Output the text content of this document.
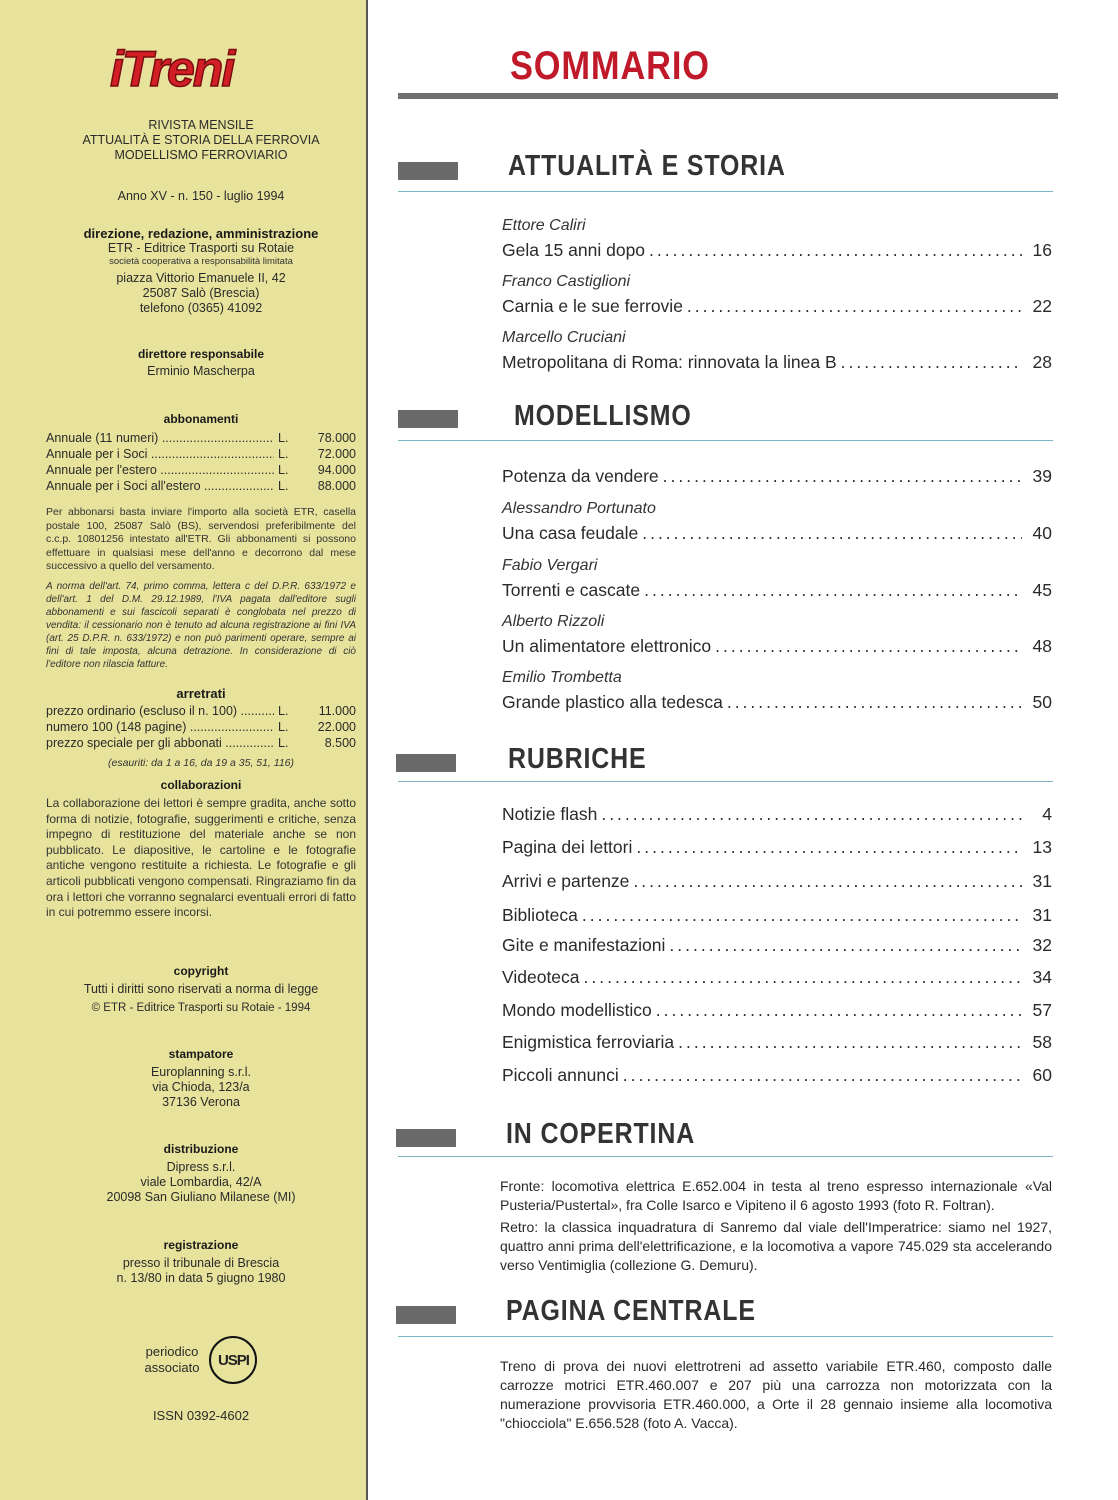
iTreni
RIVISTA MENSILE
ATTUALITÀ E STORIA DELLA FERROVIA
MODELLISMO FERROVIARIO
Anno XV - n. 150 - luglio 1994
direzione, redazione, amministrazione
ETR - Editrice Trasporti su Rotaie
società cooperativa a responsabilità limitata
piazza Vittorio Emanuele II, 42
25087 Salò (Brescia)
telefono (0365) 41092
direttore responsabile
Erminio Mascherpa
abbonamenti
Annuale (11 numeri) .....	L.	78.000
Annuale per i Soci .....	L.	72.000
Annuale per l'estero .....	L.	94.000
Annuale per i Soci all'estero .....	L.	88.000
Per abbonarsi basta inviare l'importo alla società ETR, casella postale 100, 25087 Salò (BS), servendosi preferibilmente del c.c.p. 10801256 intestato all'ETR. Gli abbonamenti si possono effettuare in qualsiasi mese dell'anno e decorrono dal mese successivo a quello del versamento.
A norma dell'art. 74, primo comma, lettera c del D.P.R. 633/1972 e dell'art. 1 del D.M. 29.12.1989, l'IVA pagata dall'editore sugli abbonamenti e sui fascicoli separati è conglobata nel prezzo di vendita: il cessionario non è tenuto ad alcuna registrazione ai fini IVA (art. 25 D.P.R. n. 633/1972) e non può parimenti operare, sempre ai fini di tale imposta, alcuna detrazione. In considerazione di ciò l'editore non rilascia fatture.
arretrati
prezzo ordinario (escluso il n. 100) .....	L.	11.000
numero 100 (148 pagine) .....	L.	22.000
prezzo speciale per gli abbonati .....	L.	8.500
(esauriti: da 1 a 16, da 19 a 35, 51, 116)
collaborazioni
La collaborazione dei lettori è sempre gradita, anche sotto forma di notizie, fotografie, suggerimenti e critiche, senza impegno di restituzione del materiale anche se non pubblicato. Le diapositive, le cartoline e le fotografie antiche vengono restituite a richiesta. Le fotografie e gli articoli pubblicati vengono compensati. Ringraziamo fin da ora i lettori che vorranno segnalarci eventuali errori di fatto in cui potremmo essere incorsi.
copyright
Tutti i diritti sono riservati a norma di legge
© ETR - Editrice Trasporti su Rotaie - 1994
stampatore
Europlanning s.r.l.
via Chioda, 123/a
37136 Verona
distribuzione
Dipress s.r.l.
viale Lombardia, 42/A
20098 San Giuliano Milanese (MI)
registrazione
presso il tribunale di Brescia
n. 13/80 in data 5 giugno 1980
periodico
associato	USPI
ISSN 0392-4602
SOMMARIO
ATTUALITÀ E STORIA
Ettore Caliri
Gela 15 anni dopo .....	16
Franco Castiglioni
Carnia e le sue ferrovie .....	22
Marcello Cruciani
Metropolitana di Roma: rinnovata la linea B .....	28
MODELLISMO
Potenza da vendere .....	39
Alessandro Portunato
Una casa feudale .....	40
Fabio Vergari
Torrenti e cascate .....	45
Alberto Rizzoli
Un alimentatore elettronico .....	48
Emilio Trombetta
Grande plastico alla tedesca .....	50
RUBRICHE
Notizie flash .....	4
Pagina dei lettori .....	13
Arrivi e partenze .....	31
Biblioteca .....	31
Gite e manifestazioni .....	32
Videoteca .....	34
Mondo modellistico .....	57
Enigmistica ferroviaria .....	58
Piccoli annunci .....	60
IN COPERTINA
Fronte: locomotiva elettrica E.652.004 in testa al treno espresso internazionale «Val Pusteria/Pustertal», fra Colle Isarco e Vipiteno il 6 agosto 1993 (foto R. Foltran).
Retro: la classica inquadratura di Sanremo dal viale dell'Imperatrice: siamo nel 1927, quattro anni prima dell'elettrificazione, e la locomotiva a vapore 745.029 sta accelerando verso Ventimiglia (collezione G. Demuru).
PAGINA CENTRALE
Treno di prova dei nuovi elettrotreni ad assetto variabile ETR.460, composto dalle carrozze motrici ETR.460.007 e 207 più una carrozza non motorizzata con la numerazione provvisoria ETR.460.000, a Orte il 28 gennaio insieme alla locomotiva "chiocciola" E.656.528 (foto A. Vacca).
